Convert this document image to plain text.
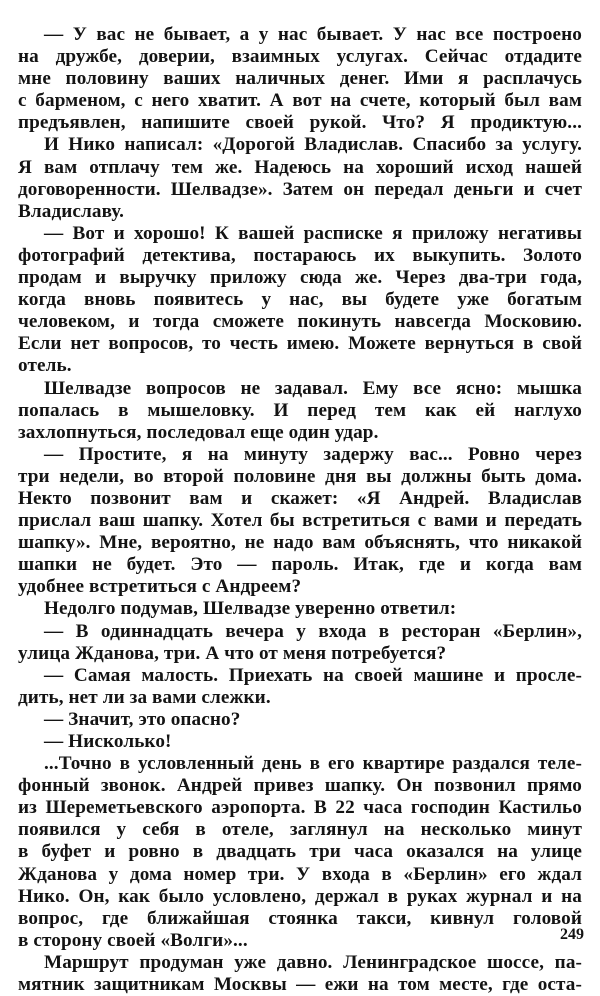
— У вас не бывает, а у нас бывает. У нас все построено
на дружбе, доверии, взаимных услугах. Сейчас отдадите
мне половину ваших наличных денег. Ими я расплачусь
с барменом, с него хватит. А вот на счете, который был вам
предъявлен, напишите своей рукой. Что? Я продиктую...
И Нико написал: «Дорогой Владислав. Спасибо за услугу.
Я вам отплачу тем же. Надеюсь на хороший исход нашей
договоренности. Шелвадзе». Затем он передал деньги и счет
Владиславу.
— Вот и хорошо! К вашей расписке я приложу негативы
фотографий детектива, постараюсь их выкупить. Золото
продам и выручку приложу сюда же. Через два-три года,
когда вновь появитесь у нас, вы будете уже богатым
человеком, и тогда сможете покинуть навсегда Московию.
Если нет вопросов, то честь имею. Можете вернуться в свой
отель.
Шелвадзе вопросов не задавал. Ему все ясно: мышка
попалась в мышеловку. И перед тем как ей наглухо
захлопнуться, последовал еще один удар.
— Простите, я на минуту задержу вас... Ровно через
три недели, во второй половине дня вы должны быть дома.
Некто позвонит вам и скажет: «Я Андрей. Владислав
прислал ваш шапку. Хотел бы встретиться с вами и передать
шапку». Мне, вероятно, не надо вам объяснять, что никакой
шапки не будет. Это — пароль. Итак, где и когда вам
удобнее встретиться с Андреем?
Недолго подумав, Шелвадзе уверенно ответил:
— В одиннадцать вечера у входа в ресторан «Берлин»,
улица Жданова, три. А что от меня потребуется?
— Самая малость. Приехать на своей машине и просле-
дить, нет ли за вами слежки.
— Значит, это опасно?
— Нисколько!
...Точно в условленный день в его квартире раздался теле-
фонный звонок. Андрей привез шапку. Он позвонил прямо
из Шереметьевского аэропорта. В 22 часа господин Кастильо
появился у себя в отеле, заглянул на несколько минут
в буфет и ровно в двадцать три часа оказался на улице
Жданова у дома номер три. У входа в «Берлин» его ждал
Нико. Он, как было условлено, держал в руках журнал и на
вопрос, где ближайшая стоянка такси, кивнул головой
в сторону своей «Волги»...
Маршрут продуман уже давно. Ленинградское шоссе, па-
мятник защитникам Москвы — ежи на том месте, где оста-
249
